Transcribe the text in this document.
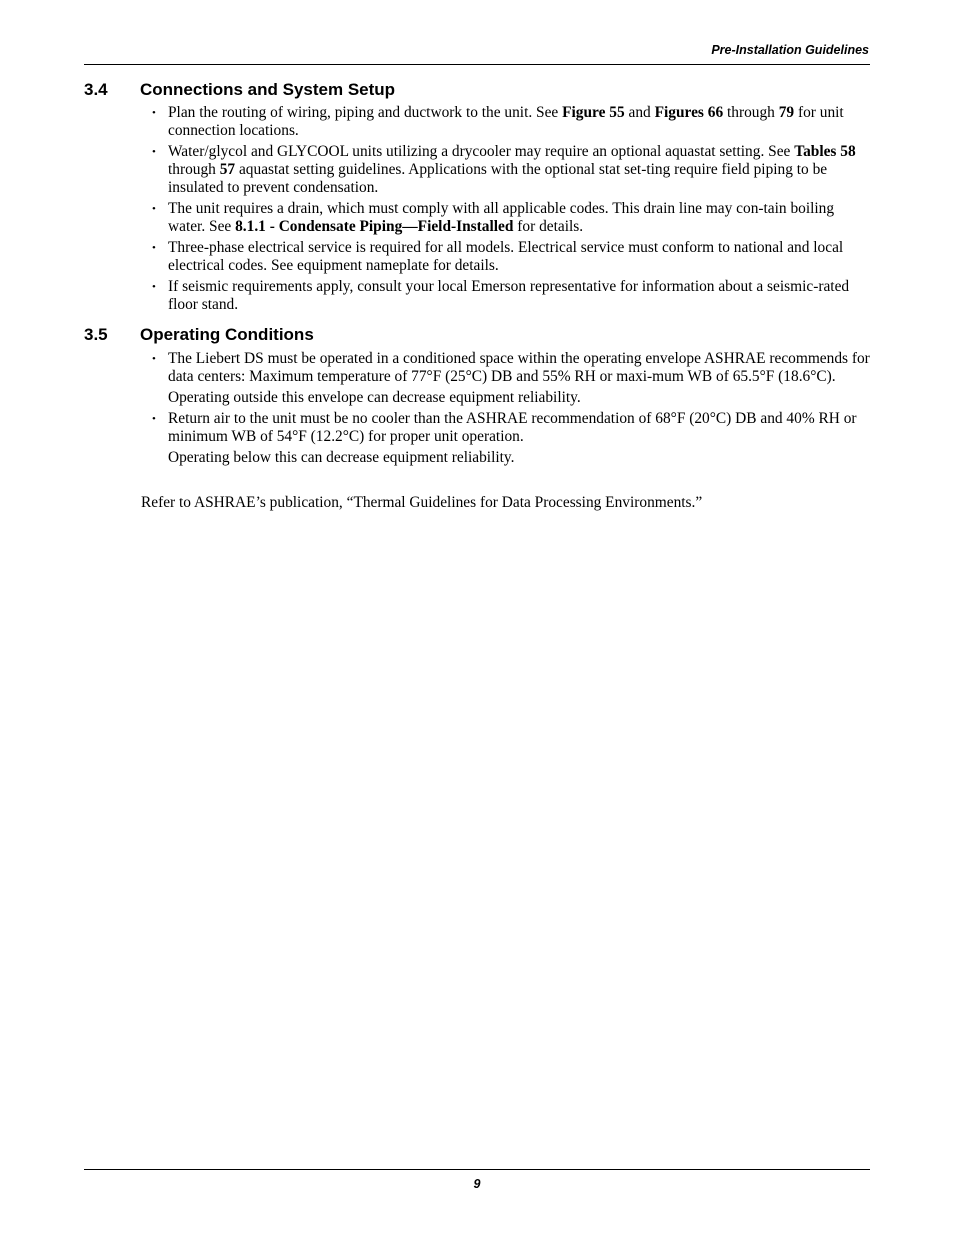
Pre-Installation Guidelines
3.4 Connections and System Setup
• Plan the routing of wiring, piping and ductwork to the unit. See Figure 55 and Figures 66 through 79 for unit connection locations.
• Water/glycol and GLYCOOL units utilizing a drycooler may require an optional aquastat setting. See Tables 58 through 57 aquastat setting guidelines. Applications with the optional stat set-ting require field piping to be insulated to prevent condensation.
• The unit requires a drain, which must comply with all applicable codes. This drain line may con-tain boiling water. See 8.1.1 - Condensate Piping—Field-Installed for details.
• Three-phase electrical service is required for all models. Electrical service must conform to national and local electrical codes. See equipment nameplate for details.
• If seismic requirements apply, consult your local Emerson representative for information about a seismic-rated floor stand.
3.5 Operating Conditions
• The Liebert DS must be operated in a conditioned space within the operating envelope ASHRAE recommends for data centers: Maximum temperature of 77°F (25°C) DB and 55% RH or maxi-mum WB of 65.5°F (18.6°C).
Operating outside this envelope can decrease equipment reliability.
• Return air to the unit must be no cooler than the ASHRAE recommendation of 68°F (20°C) DB and 40% RH or minimum WB of 54°F (12.2°C) for proper unit operation.
Operating below this can decrease equipment reliability.

Refer to ASHRAE’s publication, “Thermal Guidelines for Data Processing Environments.”

9
